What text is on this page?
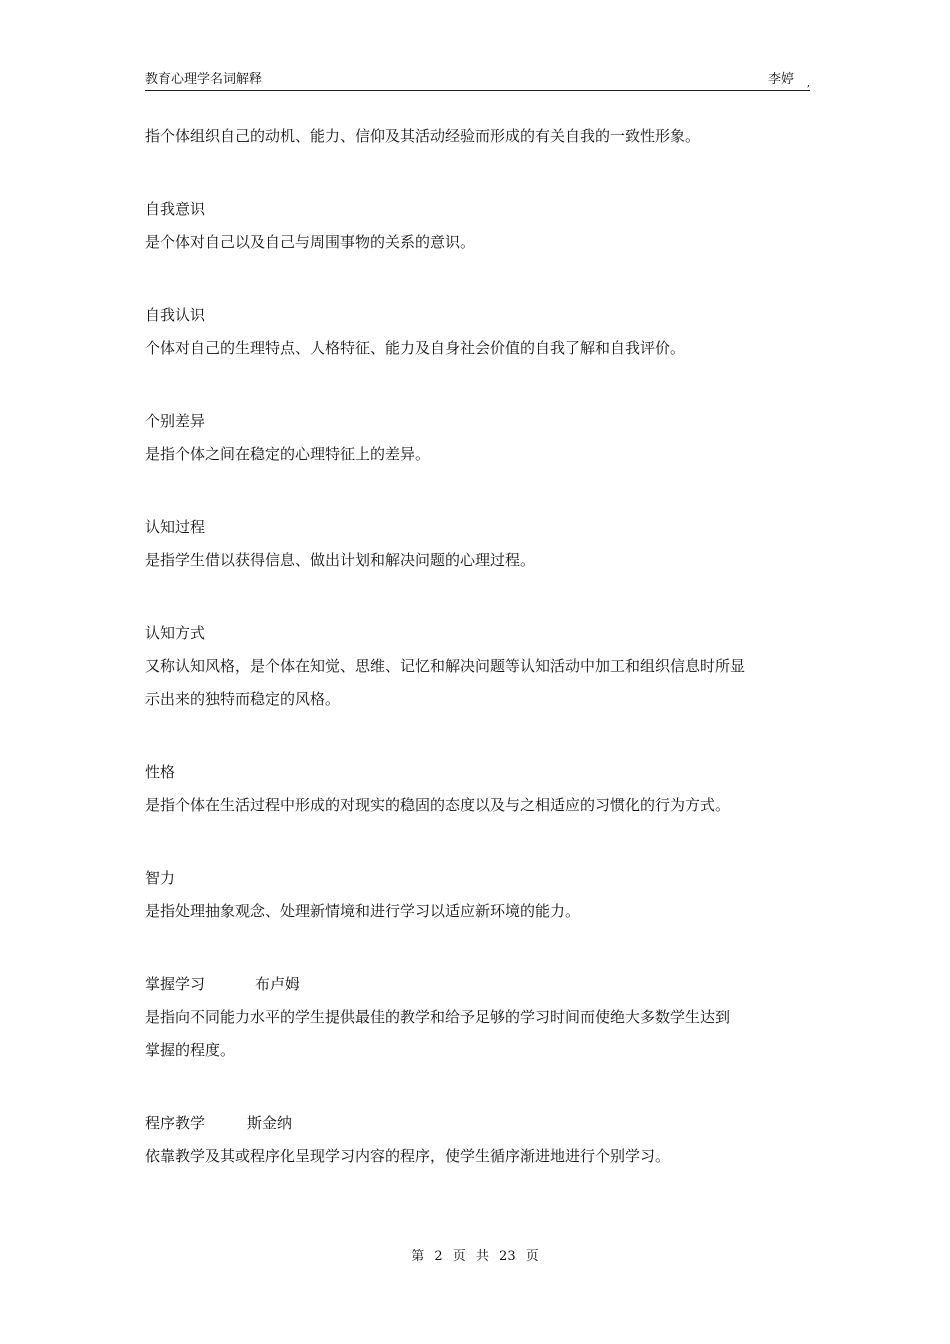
教育心理学名词解释	李婷 ,

指个体组织自己的动机、能力、信仰及其活动经验而形成的有关自我的一致性形象。

自我意识

是个体对自己以及自己与周围事物的关系的意识。

自我认识

个体对自己的生理特点、人格特征、能力及自身社会价值的自我了解和自我评价。

个别差异

是指个体之间在稳定的心理特征上的差异。

认知过程

是指学生借以获得信息、做出计划和解决问题的心理过程。

认知方式

又称认知风格，是个体在知觉、思维、记忆和解决问题等认知活动中加工和组织信息时所显

示出来的独特而稳定的风格。

性格

是指个体在生活过程中形成的对现实的稳固的态度以及与之相适应的习惯化的行为方式。

智力

是指处理抽象观念、处理新情境和进行学习以适应新环境的能力。

掌握学习	布卢姆

是指向不同能力水平的学生提供最佳的教学和给予足够的学习时间而使绝大多数学生达到

掌握的程度。

程序教学	斯金纳

依靠教学及其或程序化呈现学习内容的程序，使学生循序渐进地进行个别学习。

第 2 页 共 23 页
